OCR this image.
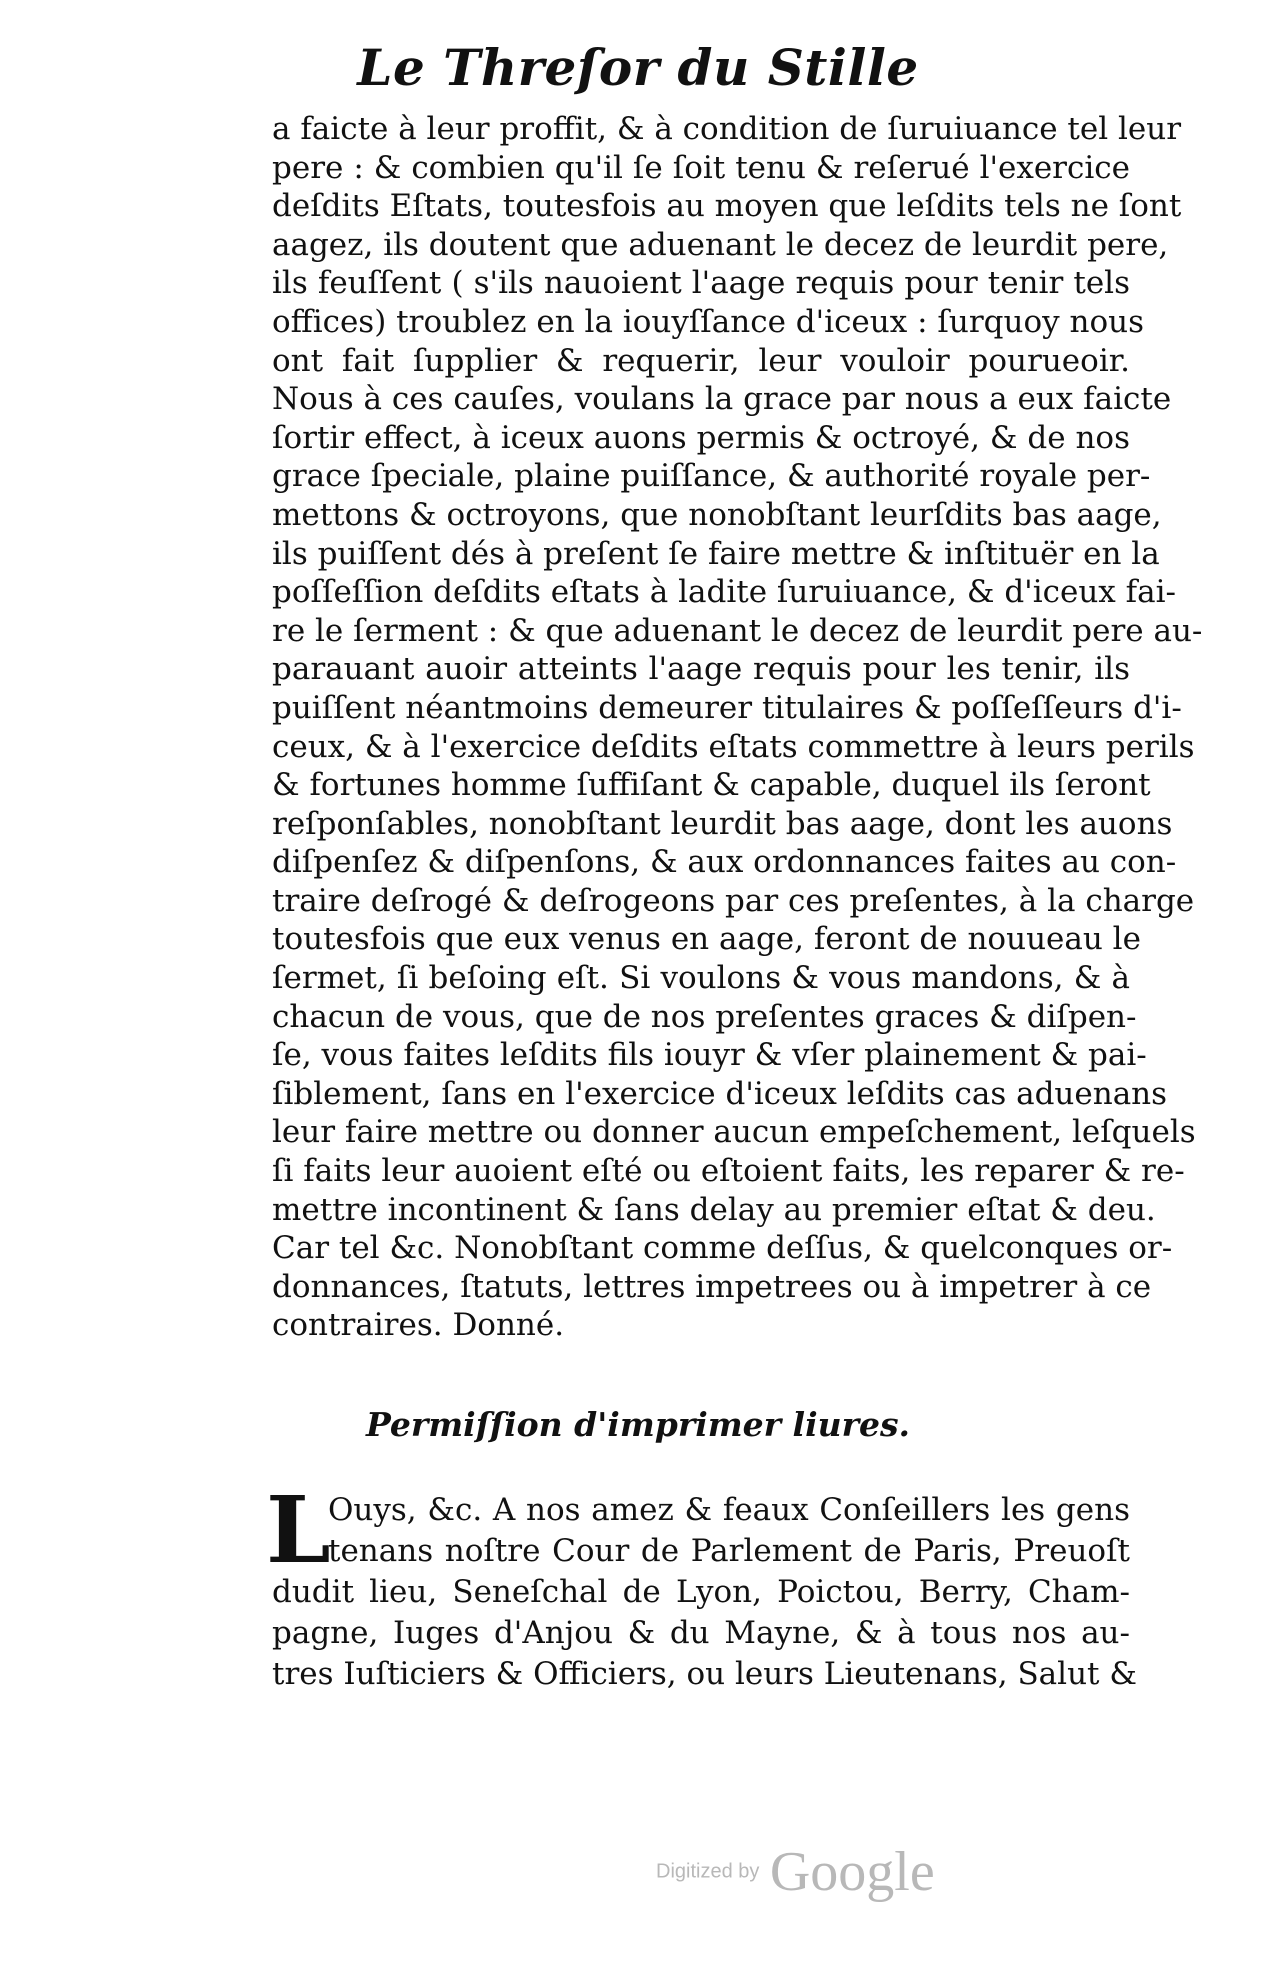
Le Threſor du Stille
a faicte à leur proffit, & à condition de ſuruiuance tel leur
pere : & combien qu'il ſe ſoit tenu & reſerué l'exercice
deſdits Eſtats, toutesfois au moyen que leſdits tels ne ſont
aagez, ils doutent que aduenant le decez de leurdit pere,
ils feuſſent ( s'ils nauoient l'aage requis pour tenir tels
offices) troublez en la iouyſſance d'iceux : ſurquoy nous
ont fait ſupplier & requerir, leur vouloir pourueoir.
Nous à ces cauſes, voulans la grace par nous a eux faicte
ſortir effect, à iceux auons permis & octroyé, & de nos
grace ſpeciale, plaine puiſſance, & authorité royale per-
mettons & octroyons, que nonobſtant leurſdits bas aage,
ils puiſſent dés à preſent ſe faire mettre & inſtituër en la
poſſeſſion deſdits eſtats à ladite ſuruiuance, & d'iceux fai-
re le ſerment : & que aduenant le decez de leurdit pere au-
parauant auoir atteints l'aage requis pour les tenir, ils
puiſſent néantmoins demeurer titulaires & poſſeſſeurs d'i-
ceux, & à l'exercice deſdits eſtats commettre à leurs perils
& fortunes homme ſuffiſant & capable, duquel ils ſeront
reſponſables, nonobſtant leurdit bas aage, dont les auons
diſpenſez & diſpenſons, & aux ordonnances faites au con-
traire deſrogé & deſrogeons par ces preſentes, à la charge
toutesfois que eux venus en aage, feront de nouueau le
ſermet, ſi beſoing eſt. Si voulons & vous mandons, & à
chacun de vous, que de nos preſentes graces & diſpen-
ſe, vous faites leſdits fils iouyr & vſer plainement & pai-
ſiblement, ſans en l'exercice d'iceux leſdits cas aduenans
leur faire mettre ou donner aucun empeſchement, leſquels
ſi faits leur auoient eſté ou eſtoient faits, les reparer & re-
mettre incontinent & ſans delay au premier eſtat & deu.
Car tel &c. Nonobſtant comme deſſus, & quelconques or-
donnances, ſtatuts, lettres impetrees ou à impetrer à ce
contraires. Donné.
Permiſſion d'imprimer liures.
L
Ouys, &c. A nos amez & feaux Conſeillers les gens
tenans noſtre Cour de Parlement de Paris, Preuoſt
dudit lieu, Seneſchal de Lyon, Poictou, Berry, Cham-
pagne, Iuges d'Anjou & du Mayne, & à tous nos au-
tres Iuſticiers & Officiers, ou leurs Lieutenans, Salut &
Digitized by Google
